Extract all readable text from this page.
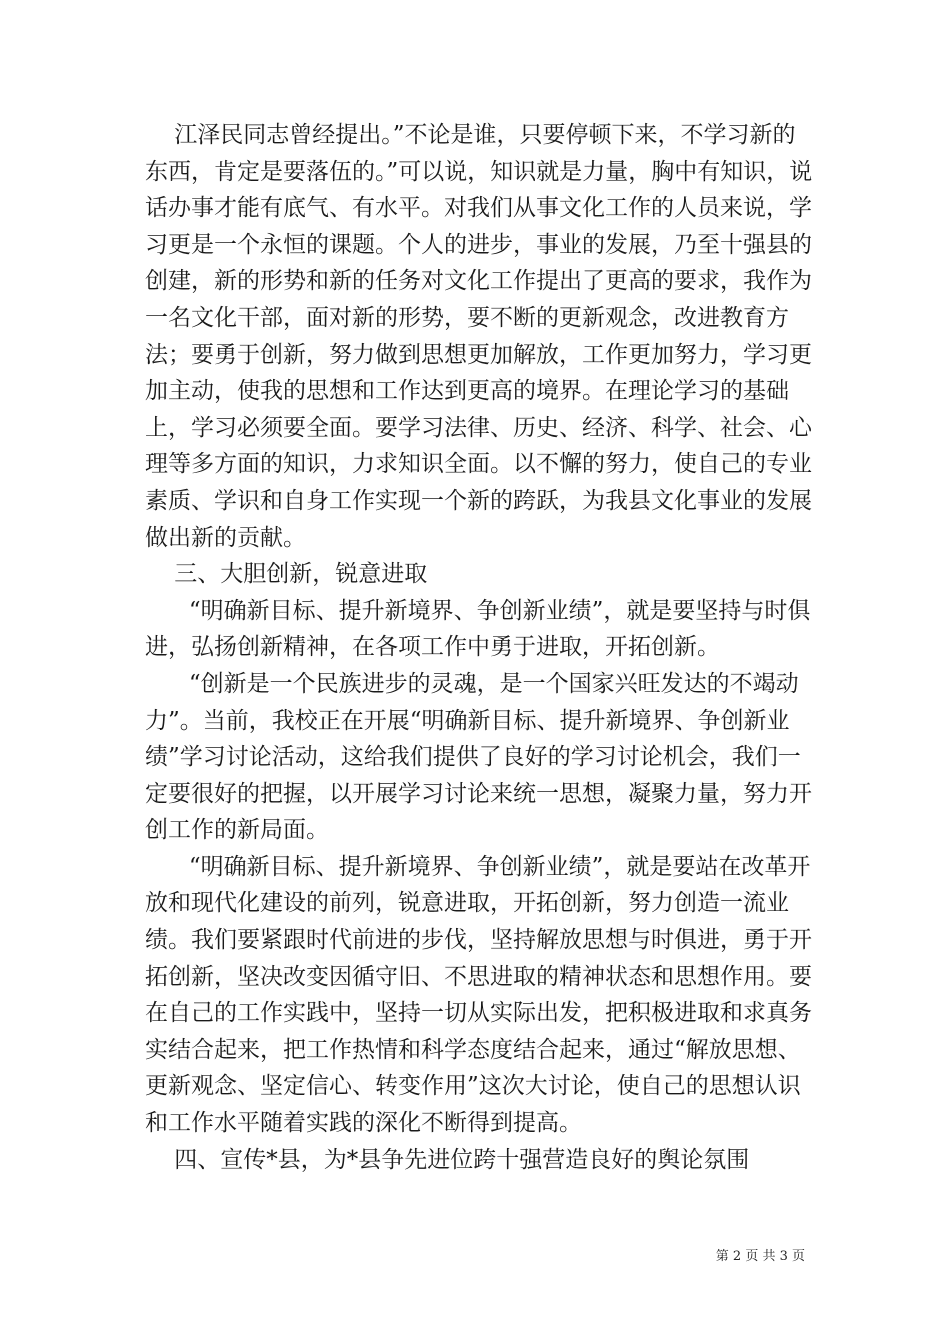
江泽民同志曾经提出。”不论是谁，只要停顿下来，不学习新的东西，肯定是要落伍的。”可以说，知识就是力量，胸中有知识，说话办事才能有底气、有水平。对我们从事文化工作的人员来说，学习更是一个永恒的课题。个人的进步，事业的发展，乃至十强县的创建，新的形势和新的任务对文化工作提出了更高的要求，我作为一名文化干部，面对新的形势，要不断的更新观念，改进教育方法；要勇于创新，努力做到思想更加解放，工作更加努力，学习更加主动，使我的思想和工作达到更高的境界。在理论学习的基础上，学习必须要全面。要学习法律、历史、经济、科学、社会、心理等多方面的知识，力求知识全面。以不懈的努力，使自己的专业素质、学识和自身工作实现一个新的跨跃，为我县文化事业的发展做出新的贡献。

三、大胆创新，锐意进取

“明确新目标、提升新境界、争创新业绩”，就是要坚持与时俱进，弘扬创新精神，在各项工作中勇于进取，开拓创新。

“创新是一个民族进步的灵魂，是一个国家兴旺发达的不竭动力”。当前，我校正在开展“明确新目标、提升新境界、争创新业绩”学习讨论活动，这给我们提供了良好的学习讨论机会，我们一定要很好的把握，以开展学习讨论来统一思想，凝聚力量，努力开创工作的新局面。

“明确新目标、提升新境界、争创新业绩”，就是要站在改革开放和现代化建设的前列，锐意进取，开拓创新，努力创造一流业绩。我们要紧跟时代前进的步伐，坚持解放思想与时俱进，勇于开拓创新，坚决改变因循守旧、不思进取的精神状态和思想作用。要在自己的工作实践中，坚持一切从实际出发，把积极进取和求真务实结合起来，把工作热情和科学态度结合起来，通过“解放思想、更新观念、坚定信心、转变作用”这次大讨论，使自己的思想认识和工作水平随着实践的深化不断得到提高。

四、宣传*县，为*县争先进位跨十强营造良好的舆论氛围

第 2 页 共 3 页
